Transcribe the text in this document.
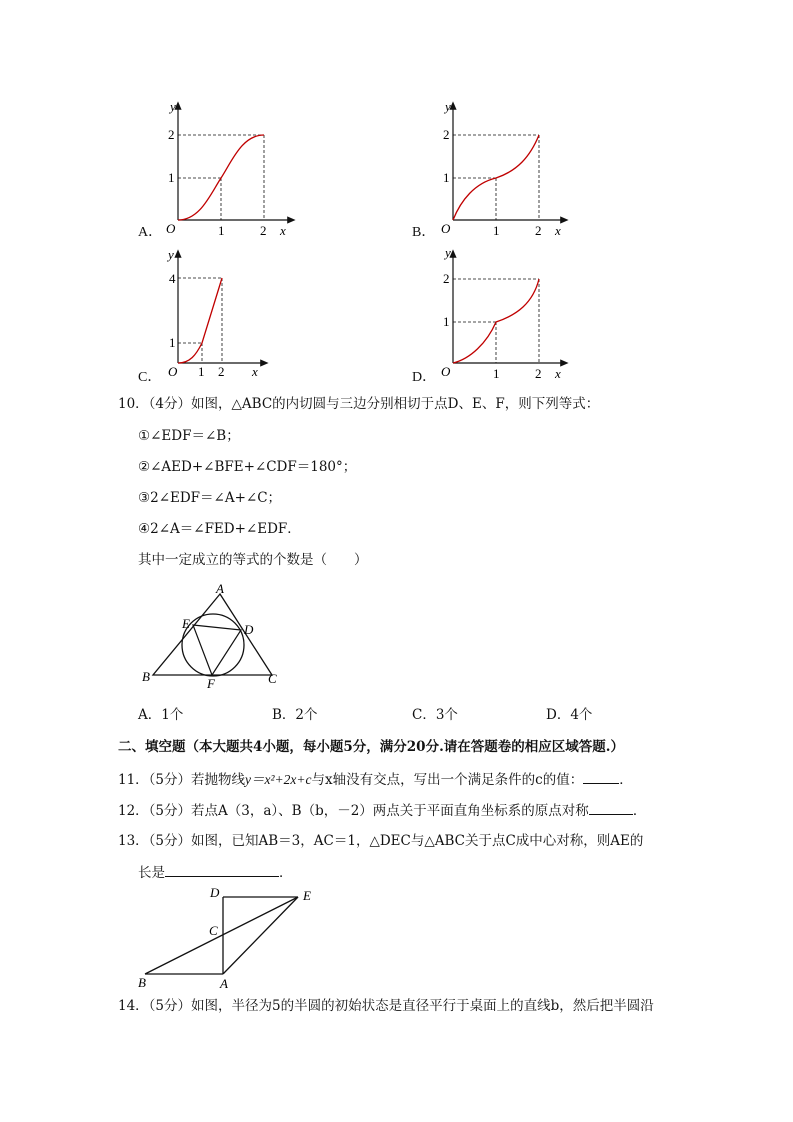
y
x
O
2
1
1	2
A．
y
x
O
2
1
1	2
B．
y
x
O
4
1
1 2
C．
y
x
O
2
1
1	2
D．
10．（4分）如图，△ABC的内切圆与三边分别相切于点D、E、F，则下列等式：
①∠EDF＝∠B；
②∠AED+∠BFE+∠CDF＝180°；
③2∠EDF＝∠A+∠C；
④2∠A＝∠FED+∠EDF．
其中一定成立的等式的个数是（　　）
A
E	D
B	F	C
A．1个	B．2个	C．3个	D．4个
二、填空题（本大题共4小题，每小题5分，满分20分.请在答题卷的相应区域答题.）
11．（5分）若抛物线y＝x²+2x+c与x轴没有交点，写出一个满足条件的c的值：	．
12．（5分）若点A（3，a）、B（b，－2）两点关于平面直角坐标系的原点对称	．
13．（5分）如图，已知AB＝3，AC＝1，△DEC与△ABC关于点C成中心对称，则AE的
长是	．
D	E
C
B	A
14．（5分）如图，半径为5的半圆的初始状态是直径平行于桌面上的直线b，然后把半圆沿
